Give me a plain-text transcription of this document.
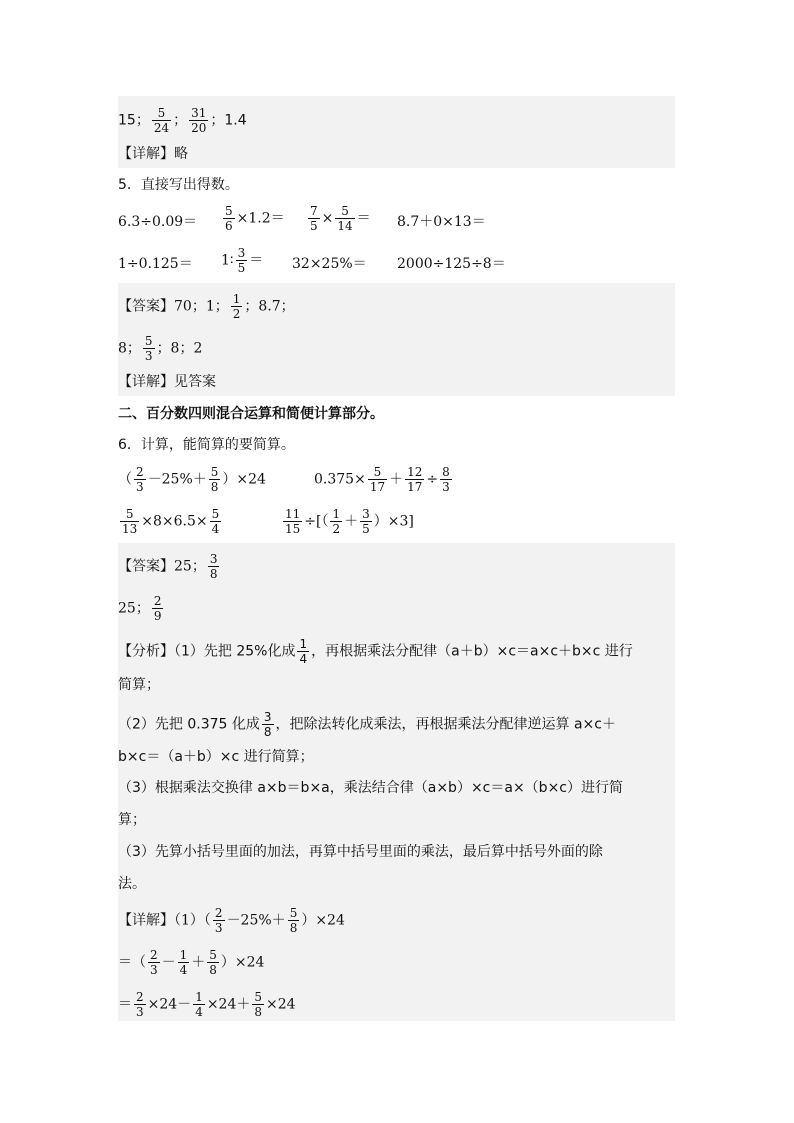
15； $\frac{5}{24}$ ； $\frac{31}{20}$ ；1.4
【详解】略
5．直接写出得数。
$6.3\div 0.09= \frac{5}{6} \times 1.2= \frac{7}{5} \times \frac{5}{14} = 8.7+0\times 13=$
1÷0.125＝ 1∶ $\frac{3}{5} = 32\times 25\%= 2000\div 125\div 8=$
【答案】70；1； $\frac{1}{2}$ ；8.7；
8； $\frac{5}{3}$ ；8；2
【详解】见答案
二、百分数四则混合运算和简便计算部分。
6．计算，能简算的要简算。
（ $\frac{2}{3} -25\%+ \frac{5}{8} )\times 24$	$0.375\times \frac{5}{17} + \frac{12}{17} \div \frac{8}{3}$
$\frac{5}{13} \times 8\times 6.5\times \frac{5}{4}$	$\frac{11}{15}$ ÷[（ $\frac{1}{2} + \frac{3}{5} )\times 3$]
【答案】25； $\frac{3}{8}$
25； $\frac{2}{9}$
【分析】（1）先把 25%化成 $\frac{1}{4}$ ，再根据乘法分配律（a＋b）×c＝a×c＋b×c 进行
简算；
（2）先把 0.375 化成 $\frac{3}{8}$ ，把除法转化成乘法，再根据乘法分配律逆运算 a×c＋
b×c＝（a＋b）×c 进行简算；
（3）根据乘法交换律 a×b＝b×a，乘法结合律（a×b）×c＝a×（b×c）进行简
算；
（3）先算小括号里面的加法，再算中括号里面的乘法，最后算中括号外面的除
法。
【详解】$(1)( \frac{2}{3} -25\%+ \frac{5}{8} )\times 24$
＝（ $\frac{2}{3} - \frac{1}{4} + \frac{5}{8} )\times 24$
＝ $\frac{2}{3} \times 24- \frac{1}{4} \times 24+ \frac{5}{8} \times 24$
